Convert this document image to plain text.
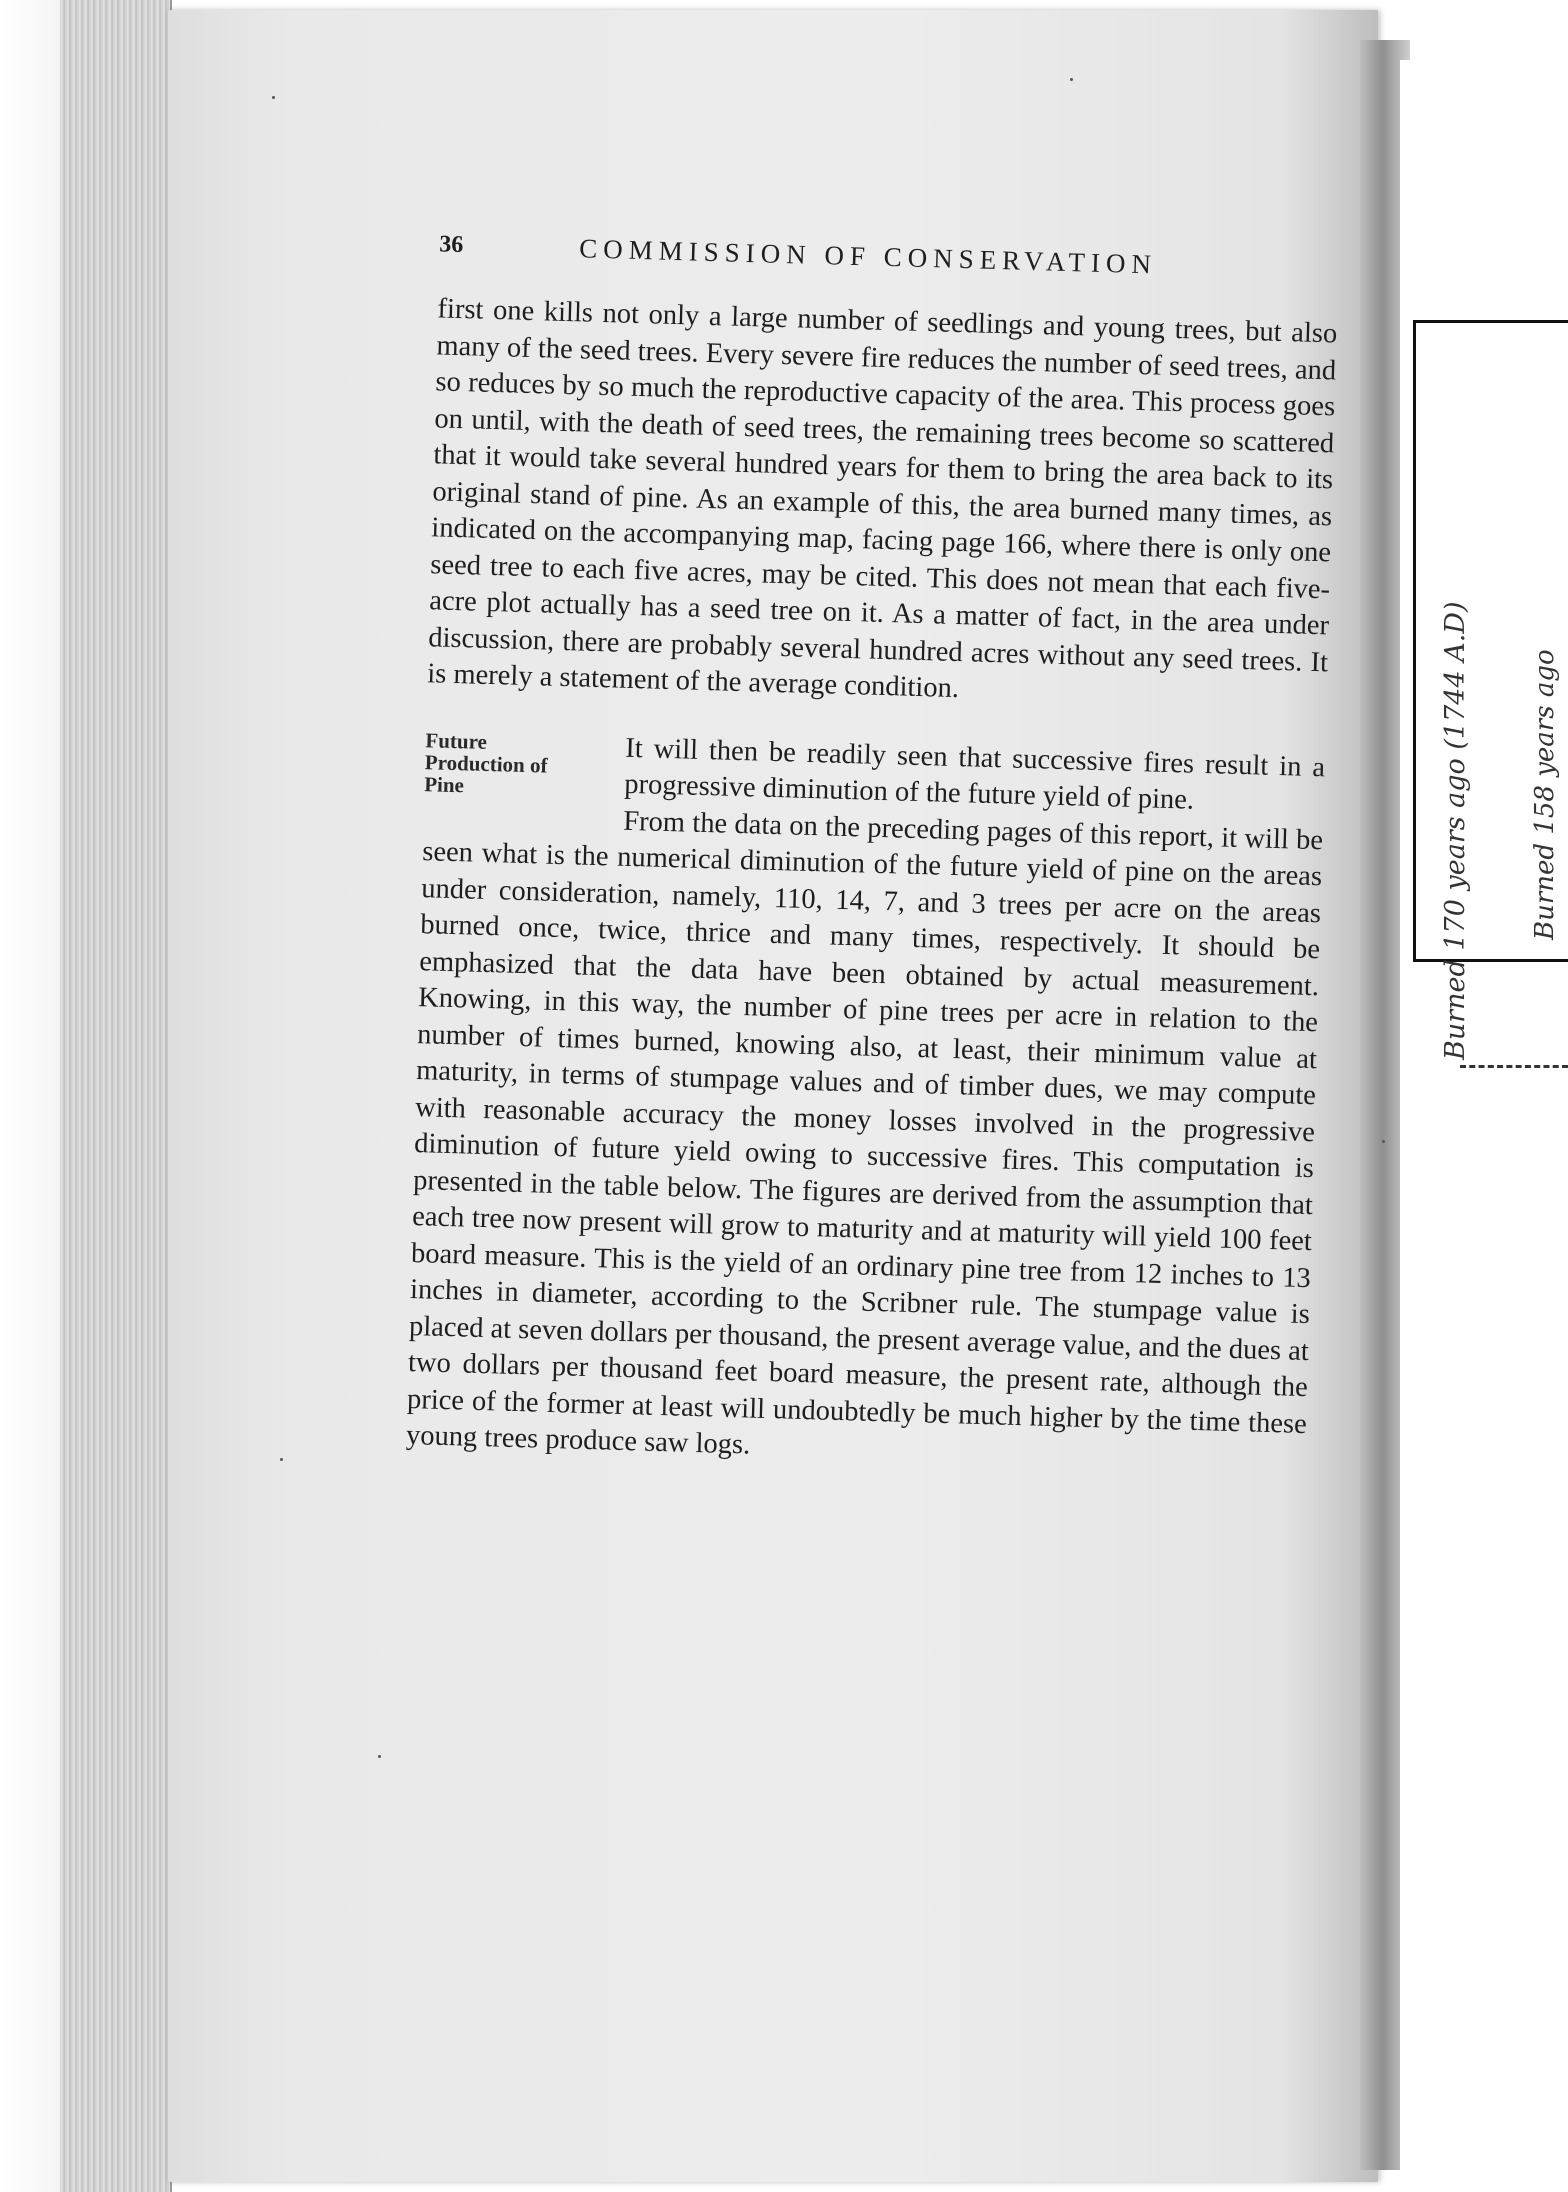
Burned 170 years ago (1744 A.D) Burned 158 years ago
36	COMMISSION OF CONSERVATION

first one kills not only a large number of seedlings and young trees, but also many of the seed trees. Every severe fire reduces the number of seed trees, and so reduces by so much the reproductive capacity of the area. This process goes on until, with the death of seed trees, the remaining trees become so scattered that it would take several hundred years for them to bring the area back to its original stand of pine. As an example of this, the area burned many times, as indicated on the accompanying map, facing page 166, where there is only one seed tree to each five acres, may be cited. This does not mean that each five-acre plot actually has a seed tree on it. As a matter of fact, in the area under discussion, there are probably several hundred acres without any seed trees. It is merely a statement of the average condition.

Future Production of Pine

It will then be readily seen that successive fires result in a progressive diminution of the future yield of pine.

From the data on the preceding pages of this report, it will be seen what is the numerical diminution of the future yield of pine on the areas under consideration, namely, 110, 14, 7, and 3 trees per acre on the areas burned once, twice, thrice and many times, respectively. It should be emphasized that the data have been obtained by actual measurement. Knowing, in this way, the number of pine trees per acre in relation to the number of times burned, knowing also, at least, their minimum value at maturity, in terms of stumpage values and of timber dues, we may compute with reasonable accuracy the money losses involved in the progressive diminution of future yield owing to successive fires. This computation is presented in the table below. The figures are derived from the assumption that each tree now present will grow to maturity and at maturity will yield 100 feet board measure. This is the yield of an ordinary pine tree from 12 inches to 13 inches in diameter, according to the Scribner rule. The stumpage value is placed at seven dollars per thousand, the present average value, and the dues at two dollars per thousand feet board measure, the present rate, although the price of the former at least will undoubtedly be much higher by the time these young trees produce saw logs.
